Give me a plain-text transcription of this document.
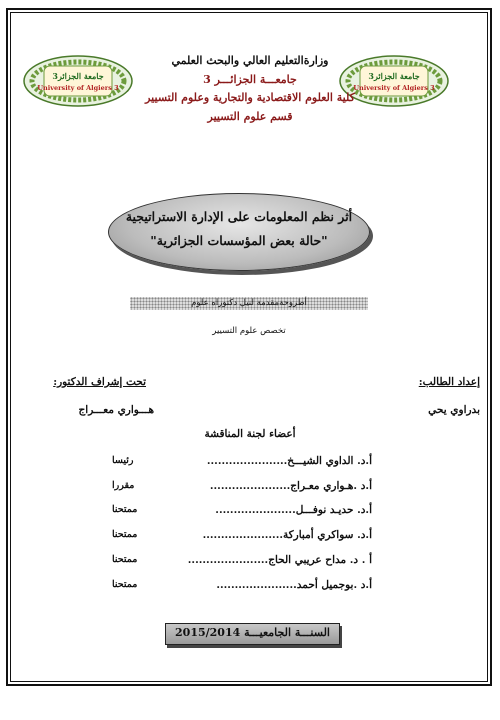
جامعة الجزائر3
University of Algiers 3
جامعة الجزائر3
University of Algiers 3
وزارةالتعليم العالي والبحث العلمي
جامعـــة الجزائـــر 3
كلية العلوم الاقتصادية والتجارية وعلوم التسيير
قسم علوم التسيير
أثر نظم المعلومات على الإدارة الاستراتيجية
"حالة بعض المؤسسات الجزائرية"
أطروحةمقدمة لنيل دكتوراه علوم
تخصص علوم التسيير
تحت إشراف الدكتور:
هـــواري معـــراج
إعداد الطالب:
بدراوي يحي
أعضاء لجنة المناقشة
أ.د. الداوي الشيـــخ......................
رئيسا
أ.د .هـواري معـراج......................
مقررا
أ.د. حديـد نوفـــل......................
ممتحنا
أ.د. سواكري أمباركة......................
ممتحنا
أ . د. مداح عريبي الحاج......................
ممتحنا
أ.د .بوجميل أحمد......................
ممتحنا
السنـــة الجامعيـــة 2015/2014
